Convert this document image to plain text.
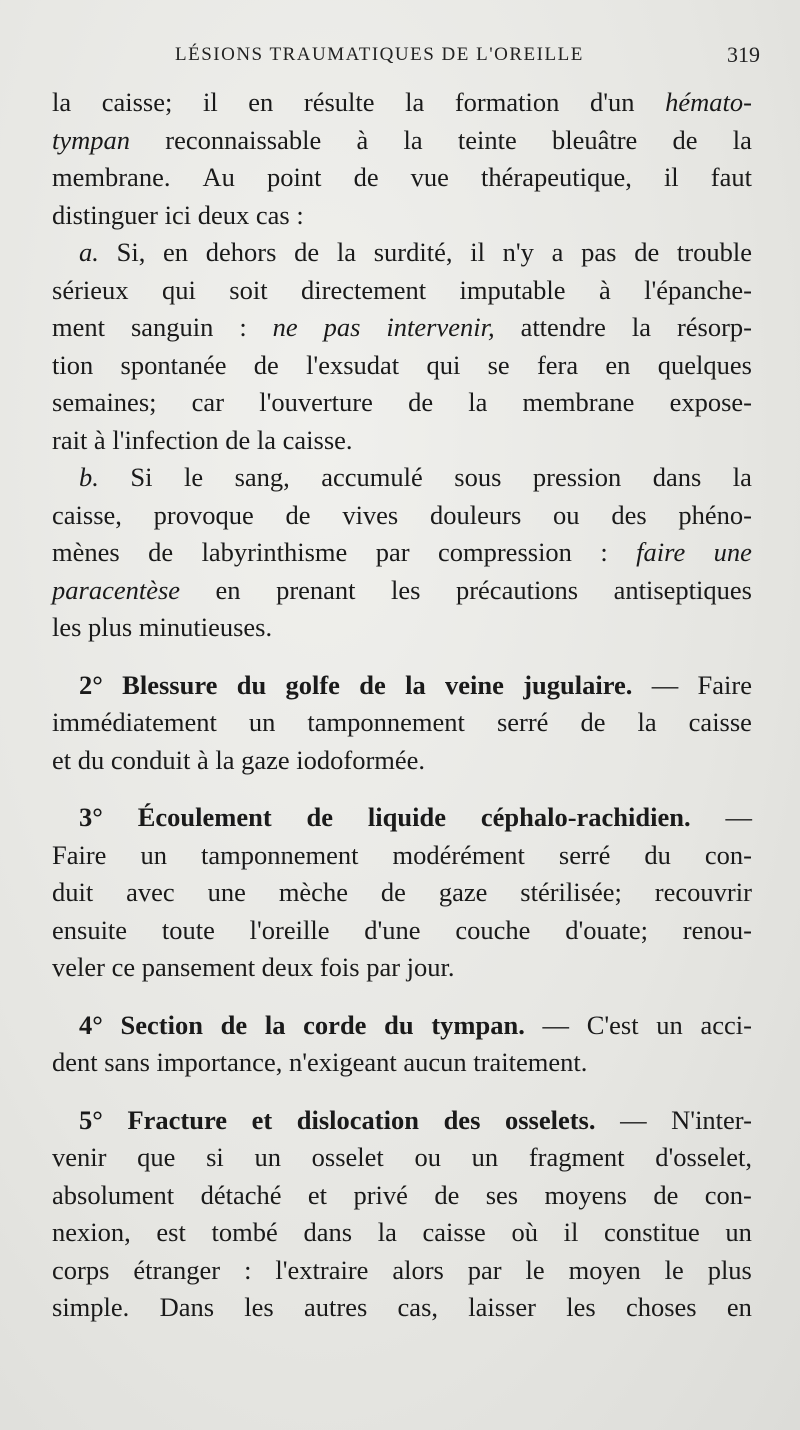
LÉSIONS TRAUMATIQUES DE L'OREILLE	319
la caisse; il en résulte la formation d'un hémato-
tympan reconnaissable à la teinte bleuâtre de la
membrane. Au point de vue thérapeutique, il faut
distinguer ici deux cas :
a. Si, en dehors de la surdité, il n'y a pas de trouble
sérieux qui soit directement imputable à l'épanche-
ment sanguin : ne pas intervenir, attendre la résorp-
tion spontanée de l'exsudat qui se fera en quelques
semaines; car l'ouverture de la membrane expose-
rait à l'infection de la caisse.
b. Si le sang, accumulé sous pression dans la
caisse, provoque de vives douleurs ou des phéno-
mènes de labyrinthisme par compression : faire une
paracentèse en prenant les précautions antiseptiques
les plus minutieuses.
2° Blessure du golfe de la veine jugulaire. — Faire
immédiatement un tamponnement serré de la caisse
et du conduit à la gaze iodoformée.
3° Écoulement de liquide céphalo-rachidien. —
Faire un tamponnement modérément serré du con-
duit avec une mèche de gaze stérilisée; recouvrir
ensuite toute l'oreille d'une couche d'ouate; renou-
veler ce pansement deux fois par jour.
4° Section de la corde du tympan. — C'est un acci-
dent sans importance, n'exigeant aucun traitement.
5° Fracture et dislocation des osselets. — N'inter-
venir que si un osselet ou un fragment d'osselet,
absolument détaché et privé de ses moyens de con-
nexion, est tombé dans la caisse où il constitue un
corps étranger : l'extraire alors par le moyen le plus
simple. Dans les autres cas, laisser les choses en
